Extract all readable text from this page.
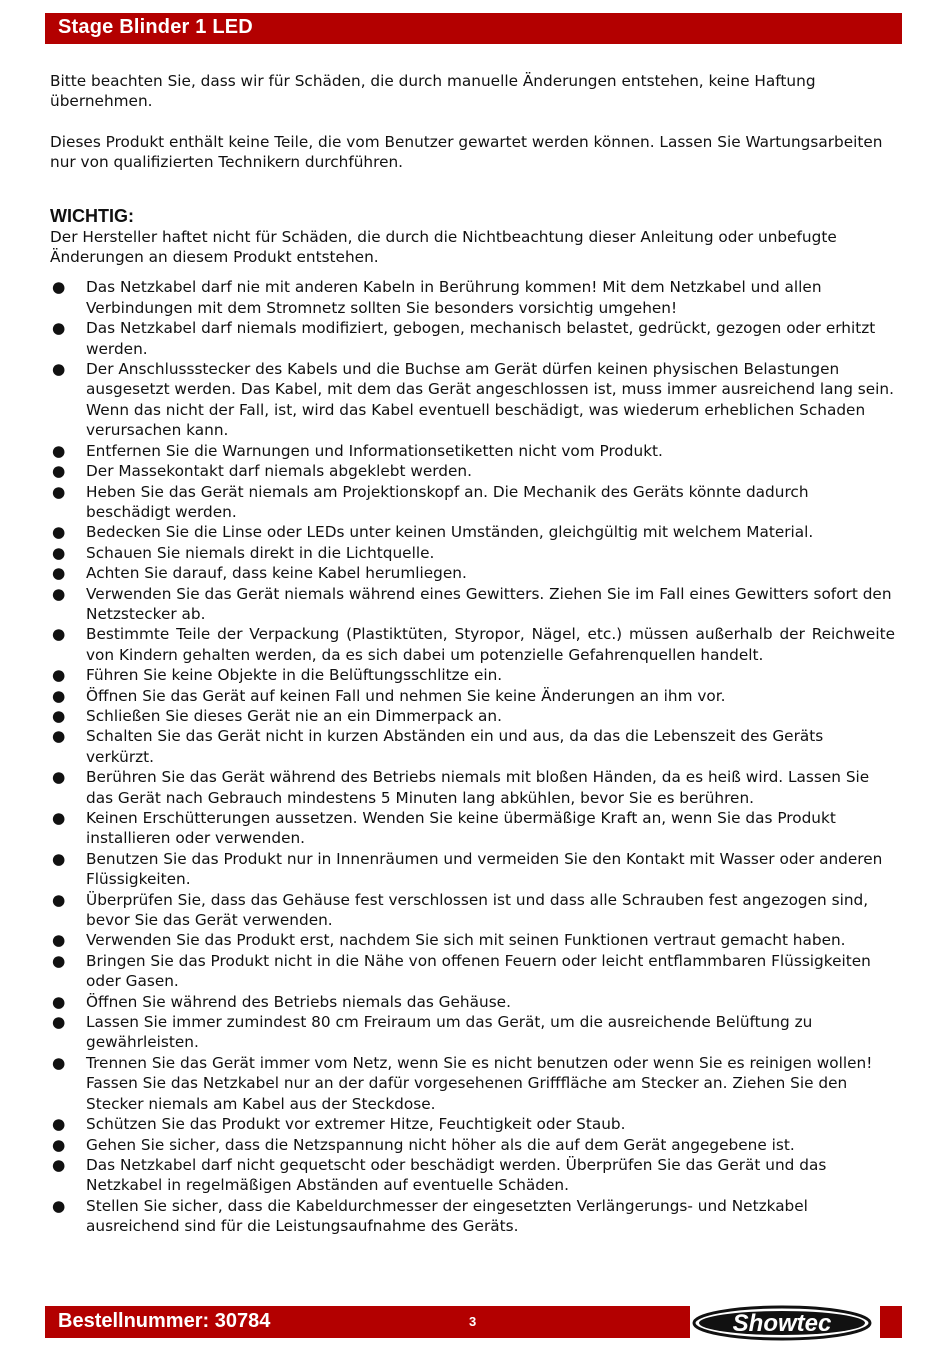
Stage Blinder 1 LED

Bitte beachten Sie, dass wir für Schäden, die durch manuelle Änderungen entstehen, keine Haftung übernehmen.

Dieses Produkt enthält keine Teile, die vom Benutzer gewartet werden können. Lassen Sie Wartungsarbeiten nur von qualifizierten Technikern durchführen.

WICHTIG:

Der Hersteller haftet nicht für Schäden, die durch die Nichtbeachtung dieser Anleitung oder unbefugte Änderungen an diesem Produkt entstehen.

● Das Netzkabel darf nie mit anderen Kabeln in Berührung kommen! Mit dem Netzkabel und allen Verbindungen mit dem Stromnetz sollten Sie besonders vorsichtig umgehen!
● Das Netzkabel darf niemals modifiziert, gebogen, mechanisch belastet, gedrückt, gezogen oder erhitzt werden.
● Der Anschlussstecker des Kabels und die Buchse am Gerät dürfen keinen physischen Belastungen ausgesetzt werden. Das Kabel, mit dem das Gerät angeschlossen ist, muss immer ausreichend lang sein. Wenn das nicht der Fall, ist, wird das Kabel eventuell beschädigt, was wiederum erheblichen Schaden verursachen kann.
● Entfernen Sie die Warnungen und Informationsetiketten nicht vom Produkt.
● Der Massekontakt darf niemals abgeklebt werden.
● Heben Sie das Gerät niemals am Projektionskopf an. Die Mechanik des Geräts könnte dadurch beschädigt werden.
● Bedecken Sie die Linse oder LEDs unter keinen Umständen, gleichgültig mit welchem Material.
● Schauen Sie niemals direkt in die Lichtquelle.
● Achten Sie darauf, dass keine Kabel herumliegen.
● Verwenden Sie das Gerät niemals während eines Gewitters. Ziehen Sie im Fall eines Gewitters sofort den Netzstecker ab.
● Bestimmte Teile der Verpackung (Plastiktüten, Styropor, Nägel, etc.) müssen außerhalb der Reichweite von Kindern gehalten werden, da es sich dabei um potenzielle Gefahrenquellen handelt.
● Führen Sie keine Objekte in die Belüftungsschlitze ein.
● Öffnen Sie das Gerät auf keinen Fall und nehmen Sie keine Änderungen an ihm vor.
● Schließen Sie dieses Gerät nie an ein Dimmerpack an.
● Schalten Sie das Gerät nicht in kurzen Abständen ein und aus, da das die Lebenszeit des Geräts verkürzt.
● Berühren Sie das Gerät während des Betriebs niemals mit bloßen Händen, da es heiß wird. Lassen Sie das Gerät nach Gebrauch mindestens 5 Minuten lang abkühlen, bevor Sie es berühren.
● Keinen Erschütterungen aussetzen. Wenden Sie keine übermäßige Kraft an, wenn Sie das Produkt installieren oder verwenden.
● Benutzen Sie das Produkt nur in Innenräumen und vermeiden Sie den Kontakt mit Wasser oder anderen Flüssigkeiten.
● Überprüfen Sie, dass das Gehäuse fest verschlossen ist und dass alle Schrauben fest angezogen sind, bevor Sie das Gerät verwenden.
● Verwenden Sie das Produkt erst, nachdem Sie sich mit seinen Funktionen vertraut gemacht haben.
● Bringen Sie das Produkt nicht in die Nähe von offenen Feuern oder leicht entflammbaren Flüssigkeiten oder Gasen.
● Öffnen Sie während des Betriebs niemals das Gehäuse.
● Lassen Sie immer zumindest 80 cm Freiraum um das Gerät, um die ausreichende Belüftung zu gewährleisten.
● Trennen Sie das Gerät immer vom Netz, wenn Sie es nicht benutzen oder wenn Sie es reinigen wollen! Fassen Sie das Netzkabel nur an der dafür vorgesehenen Grifffläche am Stecker an. Ziehen Sie den Stecker niemals am Kabel aus der Steckdose.
● Schützen Sie das Produkt vor extremer Hitze, Feuchtigkeit oder Staub.
● Gehen Sie sicher, dass die Netzspannung nicht höher als die auf dem Gerät angegebene ist.
● Das Netzkabel darf nicht gequetscht oder beschädigt werden. Überprüfen Sie das Gerät und das Netzkabel in regelmäßigen Abständen auf eventuelle Schäden.
● Stellen Sie sicher, dass die Kabeldurchmesser der eingesetzten Verlängerungs- und Netzkabel ausreichend sind für die Leistungsaufnahme des Geräts.
Bestellnummer: 30784	3	Showtec
